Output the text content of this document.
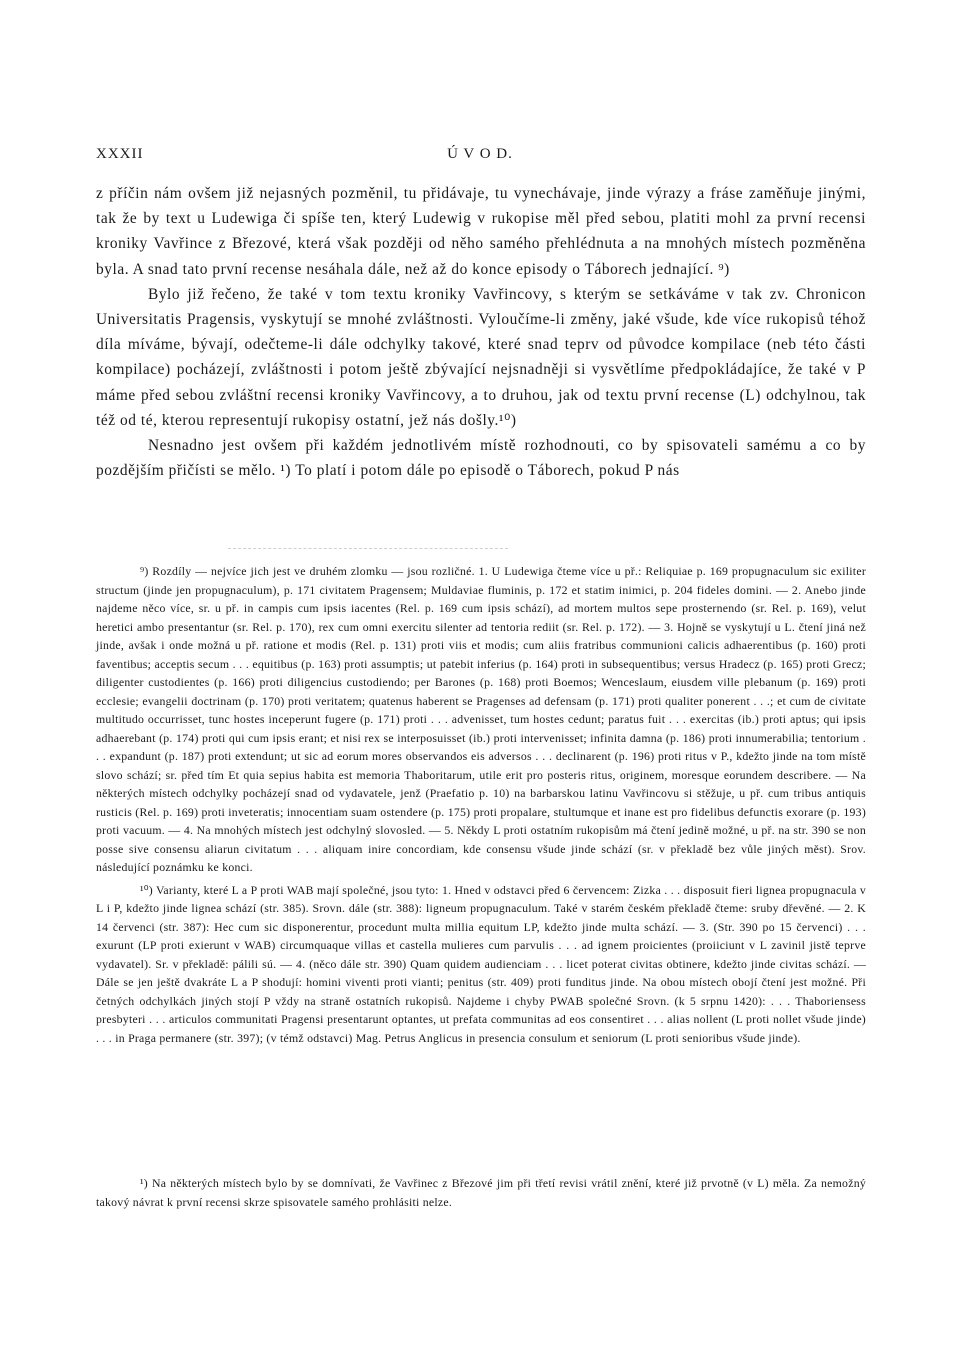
XXXII	Ú V O D.

z příčin nám ovšem již nejasných pozměnil, tu přidávaje, tu vynechávaje, jinde výrazy a fráse zaměňuje jinými, tak že by text u Ludewiga či spíše ten, který Ludewig v rukopise měl před sebou, platiti mohl za první recensi kroniky Vavřince z Březové, která však později od něho samého přehlédnuta a na mnohých místech pozměněna byla. A snad tato první recense nesáhala dále, než až do konce episody o Táborech jednající. ⁹)

Bylo již řečeno, že také v tom textu kroniky Vavřincovy, s kterým se setkáváme v tak zv. Chronicon Universitatis Pragensis, vyskytují se mnohé zvláštnosti. Vyloučíme-li změny, jaké všude, kde více rukopisů téhož díla míváme, bývají, odečteme-li dále odchylky takové, které snad teprv od původce kompilace (neb této části kompilace) pocházejí, zvláštnosti i potom ještě zbývající nejsnadněji si vysvětlíme předpokládajíce, že také v P máme před sebou zvláštní recensi kroniky Vavřincovy, a to druhou, jak od textu první recense (L) odchylnou, tak též od té, kterou representují rukopisy ostatní, jež nás došly.¹⁰)

Nesnadno jest ovšem při každém jednotlivém místě rozhodnouti, co by spisovateli samému a co by pozdějším přičísti se mělo. ¹) To platí i potom dále po episodě o Táborech, pokud P nás

⁹) Rozdíly — nejvíce jich jest ve druhém zlomku — jsou rozličné. 1. U Ludewiga čteme více u př.: Reliquiae p. 169 propugnaculum sic exiliter structum (jinde jen propugnaculum), p. 171 civitatem Pragensem; Muldaviae fluminis, p. 172 et statim inimici, p. 204 fideles domini. — 2. Anebo jinde najdeme něco více, sr. u př. in campis cum ipsis iacentes (Rel. p. 169 cum ipsis schází), ad mortem multos sepe prosternendo (sr. Rel. p. 169), velut heretici ambo presentantur (sr. Rel. p. 170), rex cum omni exercitu silenter ad tentoria rediit (sr. Rel. p. 172). — 3. Hojně se vyskytují u L. čtení jiná než jinde, avšak i onde možná u př. ratione et modis (Rel. p. 131) proti viis et modis; cum aliis fratribus communioni calicis adhaerentibus (p. 160) proti faventibus; acceptis secum . . . equitibus (p. 163) proti assumptis; ut patebit inferius (p. 164) proti in subsequentibus; versus Hradecz (p. 165) proti Grecz; diligenter custodientes (p. 166) proti diligencius custodiendo; per Barones (p. 168) proti Boemos; Wenceslaum, eiusdem ville plebanum (p. 169) proti ecclesie; evangelii doctrinam (p. 170) proti veritatem; quatenus haberent se Pragenses ad defensam (p. 171) proti qualiter ponerent . . .; et cum de civitate multitudo occurrisset, tunc hostes inceperunt fugere (p. 171) proti . . . advenisset, tum hostes cedunt; paratus fuit . . . exercitas (ib.) proti aptus; qui ipsis adhaerebant (p. 174) proti qui cum ipsis erant; et nisi rex se interposuisset (ib.) proti intervenisset; infinita damna (p. 186) proti innumerabilia; tentorium . . . expandunt (p. 187) proti extendunt; ut sic ad eorum mores observandos eis adversos . . . declinarent (p. 196) proti ritus v P., kdežto jinde na tom místě slovo schází; sr. před tím Et quia sepius habita est memoria Thaboritarum, utile erit pro posteris ritus, originem, moresque eorundem describere. — Na některých místech odchylky pocházejí snad od vydavatele, jenž (Praefatio p. 10) na barbarskou latinu Vavřincovu si stěžuje, u př. cum tribus antiquis rusticis (Rel. p. 169) proti inveteratis; innocentiam suam ostendere (p. 175) proti propalare, stultumque et inane est pro fidelibus defunctis exorare (p. 193) proti vacuum. — 4. Na mnohých místech jest odchylný slovosled. — 5. Někdy L proti ostatním rukopisům má čtení jedině možné, u př. na str. 390 se non posse sive consensu aliarun civitatum . . . aliquam inire concordiam, kde consensu všude jinde schází (sr. v překladě bez vůle jiných měst). Srov. následující poznámku ke konci.

¹⁰) Varianty, které L a P proti WAB mají společné, jsou tyto: 1. Hned v odstavci před 6 červencem: Zizka . . . disposuit fieri lignea propugnacula v L i P, kdežto jinde lignea schází (str. 385). Srovn. dále (str. 388): ligneum propugnaculum. Také v starém českém překladě čteme: sruby dřevěné. — 2. K 14 červenci (str. 387): Hec cum sic disponerentur, procedunt multa millia equitum LP, kdežto jinde multa schází. — 3. (Str. 390 po 15 červenci) . . . exurunt (LP proti exierunt v WAB) circumquaque villas et castella mulieres cum parvulis . . . ad ignem proicientes (proiiciunt v L zavinil jistě teprve vydavatel). Sr. v překladě: pálili sú. — 4. (něco dále str. 390) Quam quidem audienciam . . . licet poterat civitas obtinere, kdežto jinde civitas schází. — Dále se jen ještě dvakráte L a P shodují: homini viventi proti vianti; penitus (str. 409) proti funditus jinde. Na obou místech obojí čtení jest možné. Při četných odchylkách jiných stojí P vždy na straně ostatních rukopisů. Najdeme i chyby PWAB společné Srovn. (k 5 srpnu 1420): . . . Thaboriensess presbyteri . . . articulos communitati Pragensi presentarunt optantes, ut prefata communitas ad eos consentiret . . . alias nollent (L proti nollet všude jinde) . . . in Praga permanere (str. 397); (v témž odstavci) Mag. Petrus Anglicus in presencia consulum et seniorum (L proti senioribus všude jinde).

¹) Na některých místech bylo by se domnívati, že Vavřinec z Březové jim při třetí revisi vrátil znění, které již prvotně (v L) měla. Za nemožný takový návrat k první recensi skrze spisovatele samého prohlásiti nelze.
